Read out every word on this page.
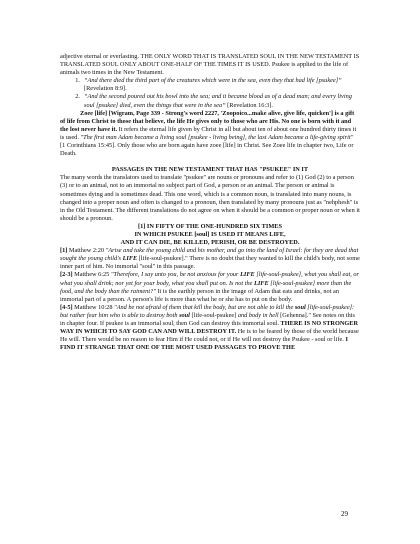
adjective eternal or everlasting. THE ONLY WORD THAT IS TRANSLATED SOUL IN THE NEW TESTAMENT IS TRANSLATED SOUL ONLY ABOUT ONE-HALF OF THE TIMES IT IS USED. Psukee is applied to the life of animals two times in the New Testament.

1. “And there died the third part of the creatures which were in the sea, even they that had life [psukee]” [Revelation 8:9].
2. “And the second poured out his bowl into the sea; and it became blood as of a dead man; and every living soul [psukee] died, even the things that were in the sea” [Revelation 16:3].

Zoee [life] [Wigram, Page 339 - Strong's word 2227, 'Zoopoico...make alive, give life, quicken'] is a gift of life from Christ to those that believe, the life He gives only to those who are His. No one is born with it and the lost never have it. It refers the eternal life given by Christ in all but about ten of about one hundred thirty times it is used. "The first man Adam became a living soul [psukee - living being], the last Adam became a life-giving spirit" [1 Corinthians 15:45]. Only those who are born again have zoee [life] in Christ. See Zoee life in chapter two, Life or Death.

PASSAGES IN THE NEW TESTAMENT THAT HAS "PSUKEE" IN IT

The many words the translators used to translate "psukee" are nouns or pronouns and refer to (1) God (2) to a person (3) or to an animal, not to an immortal no subject part of God, a person or an animal. The person or animal is sometimes dying and is sometimes dead. This one word, which is a common noun, is translated into many nouns, is changed into a proper noun and often is changed to a pronoun, then translated by many pronouns just as "nehphesh" is in the Old Testament. The different translations do not agree on when it should be a common or proper noun or when it should be a pronoun.

[1] IN FIFTY OF THE ONE-HUNDRED SIX TIMES

IN WHICH PSUKEE [soul] IS USED IT MEANS LIFE,

AND IT CAN DIE, BE KILLED, PERISH, OR BE DESTROYED.

[1] Matthew 2:20 "Arise and take the young child and his mother, and go into the land of Israel: for they are dead that sought the young child's LIFE [life-soul-psukee]." There is no doubt that they wanted to kill the child's body, not some inner part of him. No immortal "soul" in this passage.

[2-3] Matthew 6:25 "Therefore, I say unto you, be not anxious for your LIFE [life-soul-psukee], what you shall eat, or what you shall drink; nor yet for your body, what you shall put on. Is not the LIFE [life-soul-psukee] more than the food, and the body than the raiment?" It is the earthly person in the image of Adam that eats and drinks, not an immortal part of a person. A person's life is more than what he or she has to put on the body.

[4-5] Matthew 10:28 "And be not afraid of them that kill the body, but are not able to kill the soul [life-soul-psukee]: but rather fear him who is able to destroy both soul [life-soul-psukee] and body in hell [Gehenna]." See notes on this in chapter four. If psukee is an immortal soul, then God can destroy this immortal soul. THERE IS NO STRONGER WAY IN WHICH TO SAY GOD CAN AND WILL DESTROY IT. He is to be feared by those of the world because He will. There would be no reason to fear Him if He could not, or if He will not destroy the Psukee - soul or life. I FIND IT STRANGE THAT ONE OF THE MOST USED PASSAGES TO PROVE THE

29
